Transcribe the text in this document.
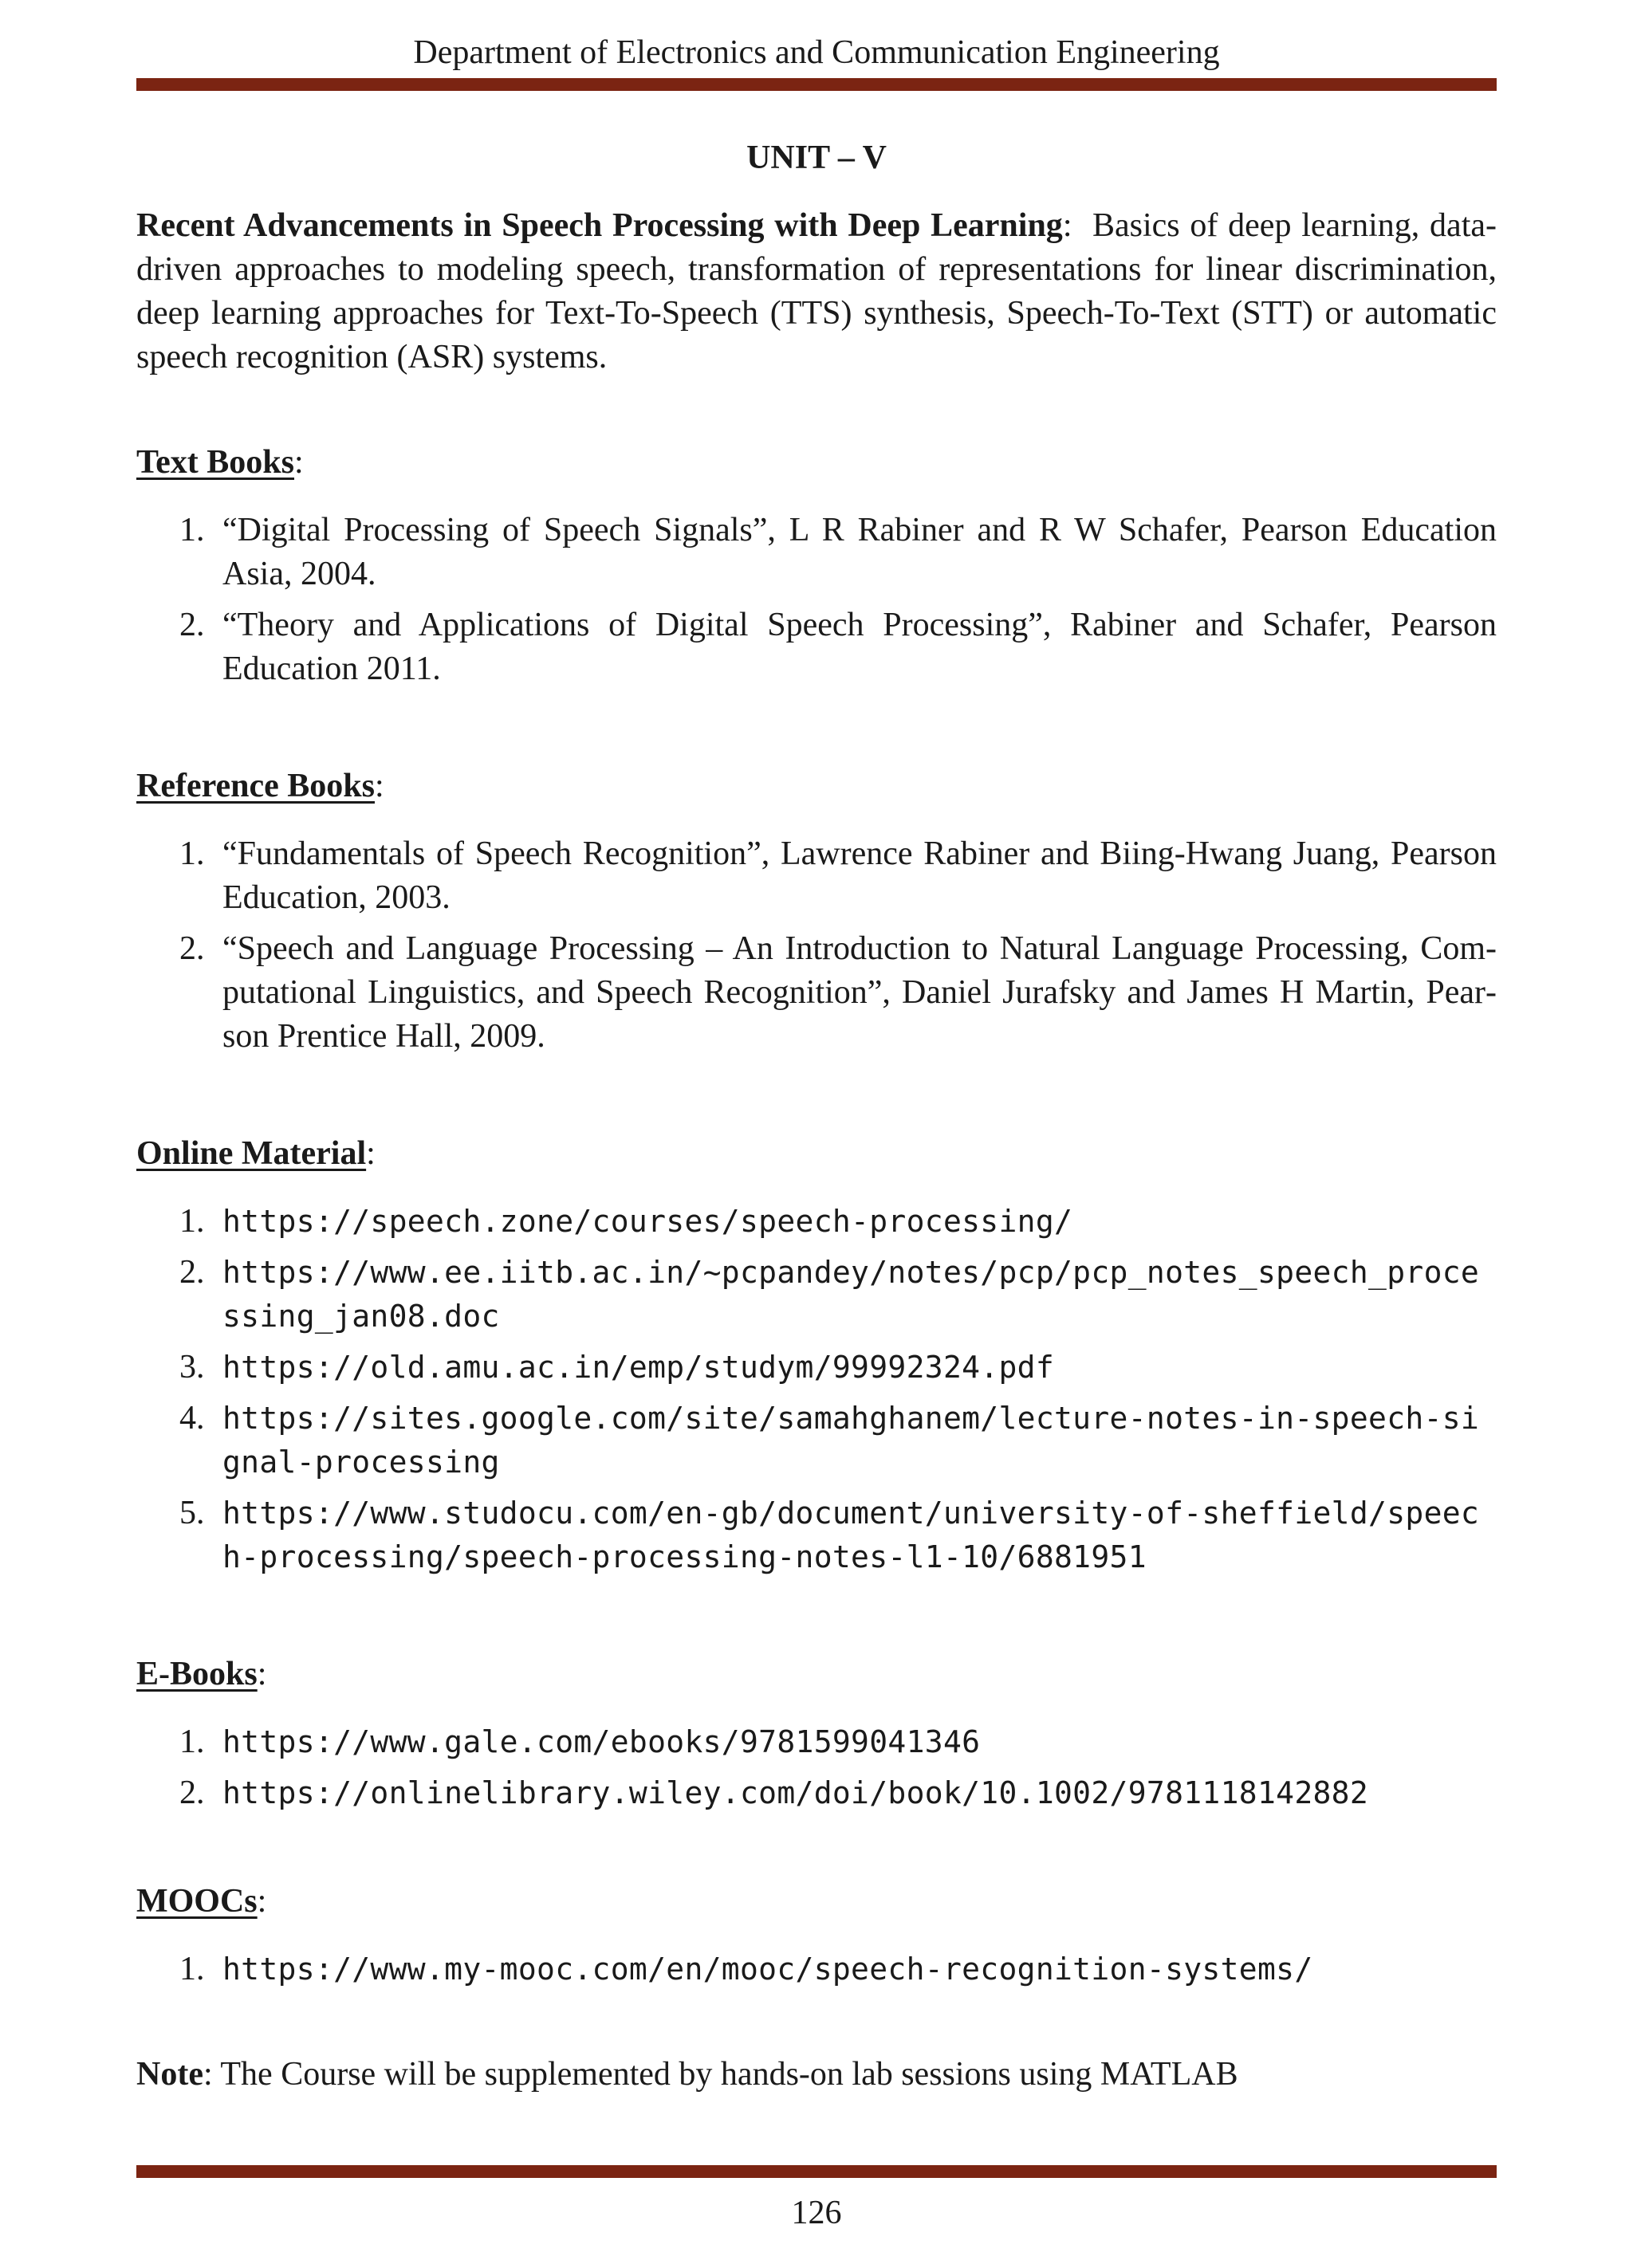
Department of Electronics and Communication Engineering
UNIT – V

Recent Advancements in Speech Processing with Deep Learning: Basics of deep learning, data-driven approaches to modeling speech, transformation of representations for linear discrimination, deep learning approaches for Text-To-Speech (TTS) synthesis, Speech-To-Text (STT) or automatic speech recognition (ASR) systems.

Text Books:
1. “Digital Processing of Speech Signals”, L R Rabiner and R W Schafer, Pearson Education Asia, 2004.
2. “Theory and Applications of Digital Speech Processing”, Rabiner and Schafer, Pearson Education 2011.
Reference Books:
1. “Fundamentals of Speech Recognition”, Lawrence Rabiner and Biing-Hwang Juang, Pearson Education, 2003.
2. “Speech and Language Processing – An Introduction to Natural Language Processing, Computational Linguistics, and Speech Recognition”, Daniel Jurafsky and James H Martin, Pearson Prentice Hall, 2009.
Online Material:
1. https://speech.zone/courses/speech-processing/
2. https://www.ee.iitb.ac.in/~pcpandey/notes/pcp/pcp_notes_speech_processing_jan08.doc
3. https://old.amu.ac.in/emp/studym/99992324.pdf
4. https://sites.google.com/site/samahghanem/lecture-notes-in-speech-signal-processing
5. https://www.studocu.com/en-gb/document/university-of-sheffield/speech-processing/speech-processing-notes-l1-10/6881951
E-Books:
1. https://www.gale.com/ebooks/9781599041346
2. https://onlinelibrary.wiley.com/doi/book/10.1002/9781118142882
MOOCs:
1. https://www.my-mooc.com/en/mooc/speech-recognition-systems/
Note: The Course will be supplemented by hands-on lab sessions using MATLAB
126
